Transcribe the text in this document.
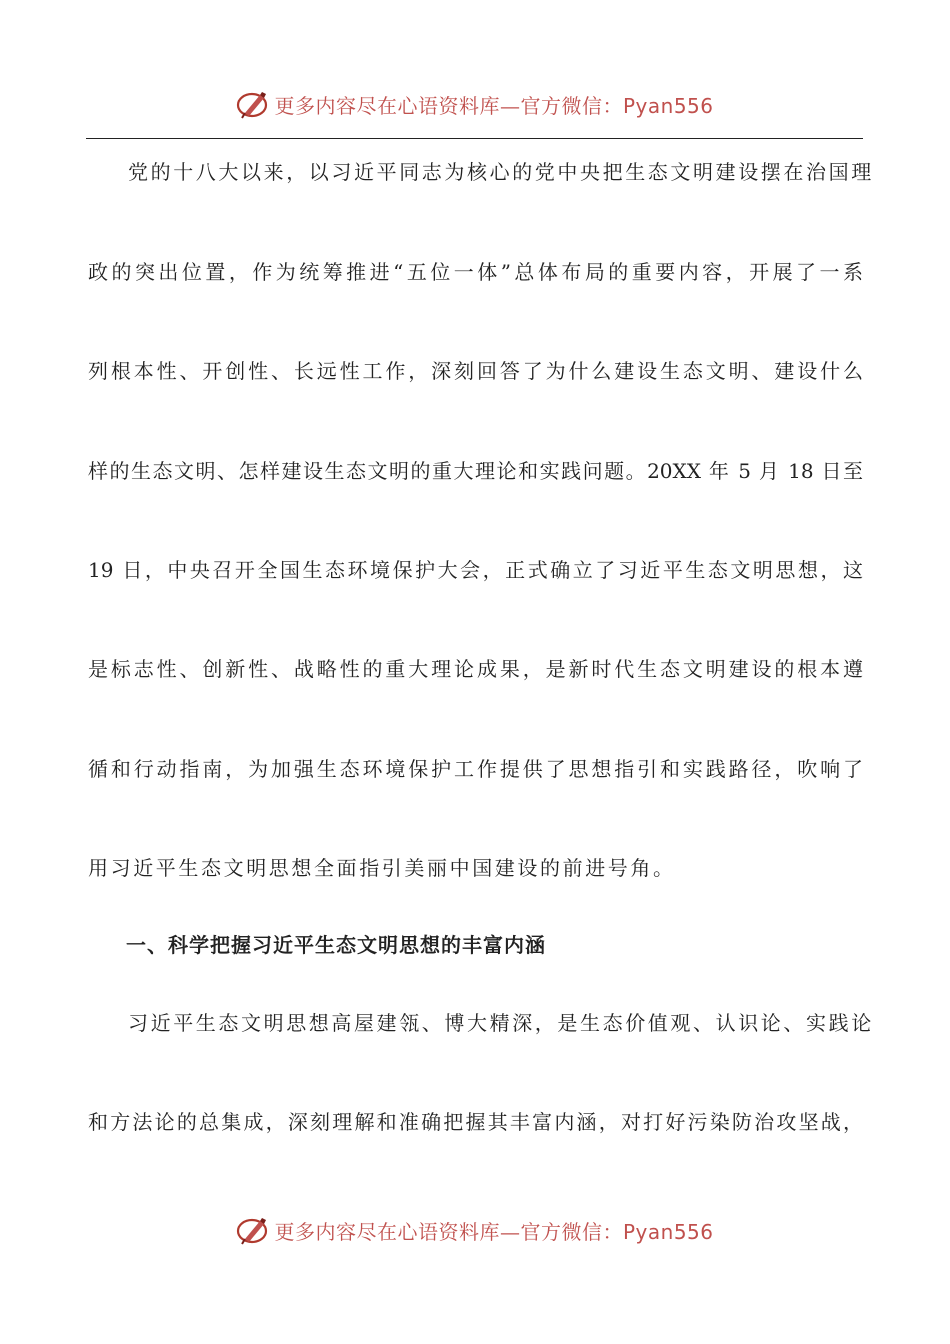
更多内容尽在心语资料库—官方微信：Pyan556
党的十八大以来，以习近平同志为核心的党中央把生态文明建设摆在治国理
政的突出位置，作为统筹推进“五位一体”总体布局的重要内容，开展了一系
列根本性、开创性、长远性工作，深刻回答了为什么建设生态文明、建设什么
样的生态文明、怎样建设生态文明的重大理论和实践问题。20XX 年 5 月 18 日至
19 日，中央召开全国生态环境保护大会，正式确立了习近平生态文明思想，这
是标志性、创新性、战略性的重大理论成果，是新时代生态文明建设的根本遵
循和行动指南，为加强生态环境保护工作提供了思想指引和实践路径，吹响了
用习近平生态文明思想全面指引美丽中国建设的前进号角。
一、科学把握习近平生态文明思想的丰富内涵
习近平生态文明思想高屋建瓴、博大精深，是生态价值观、认识论、实践论
和方法论的总集成，深刻理解和准确把握其丰富内涵，对打好污染防治攻坚战，
更多内容尽在心语资料库—官方微信：Pyan556
